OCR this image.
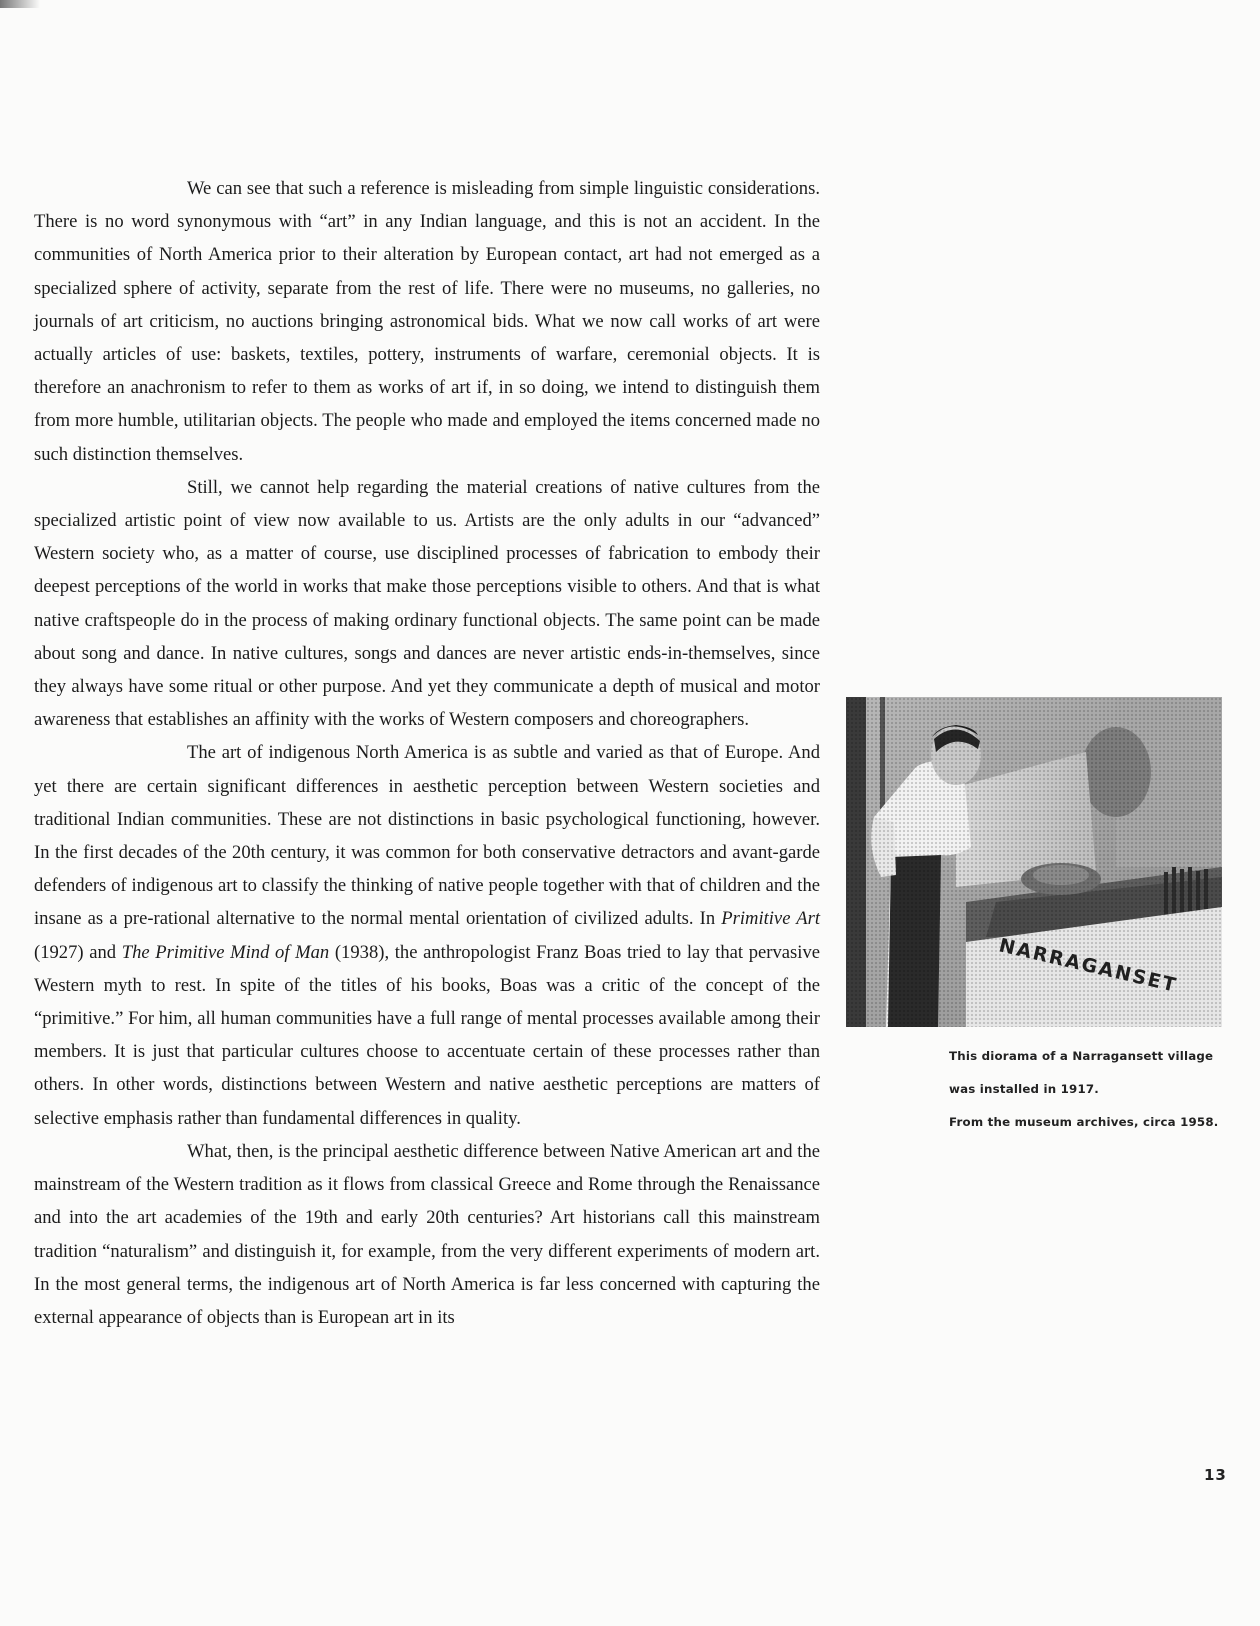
We can see that such a reference is misleading from simple linguistic considerations. There is no word synonymous with “art” in any Indian language, and this is not an accident. In the communities of North America prior to their alteration by European contact, art had not emerged as a specialized sphere of activity, separate from the rest of life. There were no museums, no galleries, no journals of art criticism, no auctions bringing astronomical bids. What we now call works of art were actually articles of use: baskets, textiles, pottery, instruments of warfare, ceremonial objects. It is therefore an anachronism to refer to them as works of art if, in so doing, we intend to distinguish them from more humble, utilitarian objects. The people who made and employed the items concerned made no such distinction themselves.

Still, we cannot help regarding the material creations of native cultures from the specialized artistic point of view now available to us. Artists are the only adults in our “advanced” Western society who, as a matter of course, use disciplined processes of fabrication to embody their deepest perceptions of the world in works that make those perceptions visible to others. And that is what native craftspeople do in the process of making ordinary functional objects. The same point can be made about song and dance. In native cultures, songs and dances are never artistic ends-in-themselves, since they always have some ritual or other purpose. And yet they communicate a depth of musical and motor awareness that establishes an affinity with the works of Western composers and choreographers.

The art of indigenous North America is as subtle and varied as that of Europe. And yet there are certain significant differences in aesthetic perception between Western societies and traditional Indian communities. These are not distinctions in basic psychological functioning, however. In the first decades of the 20th century, it was common for both conservative detractors and avant-garde defenders of indigenous art to classify the thinking of native people together with that of children and the insane as a pre-rational alternative to the normal mental orientation of civilized adults. In Primitive Art (1927) and The Primitive Mind of Man (1938), the anthropologist Franz Boas tried to lay that pervasive Western myth to rest. In spite of the titles of his books, Boas was a critic of the concept of the “primitive.” For him, all human communities have a full range of mental processes available among their members. It is just that particular cultures choose to accentuate certain of these processes rather than others. In other words, distinctions between Western and native aesthetic perceptions are matters of selective emphasis rather than fundamental differences in quality.

What, then, is the principal aesthetic difference between Native American art and the mainstream of the Western tradition as it flows from classical Greece and Rome through the Renaissance and into the art academies of the 19th and early 20th centuries? Art historians call this mainstream tradition “naturalism” and distinguish it, for example, from the very different experiments of modern art. In the most general terms, the indigenous art of North America is far less concerned with capturing the external appearance of objects than is European art in its

This diorama of a Narragansett village
was installed in 1917.
From the museum archives, circa 1958.
13
